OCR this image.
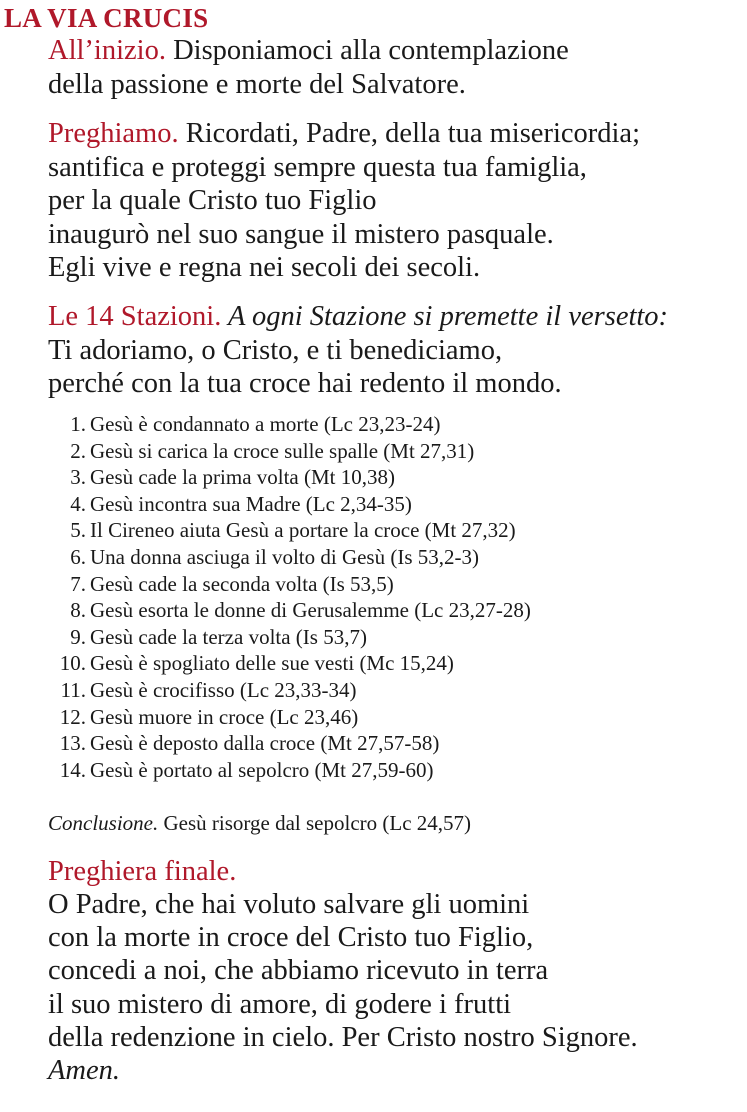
LA VIA CRUCIS
All’inizio. Disponiamoci alla contemplazione
della passione e morte del Salvatore.
Preghiamo. Ricordati, Padre, della tua misericordia;
santifica e proteggi sempre questa tua famiglia,
per la quale Cristo tuo Figlio
inaugurò nel suo sangue il mistero pasquale.
Egli vive e regna nei secoli dei secoli.
Le 14 Stazioni. A ogni Stazione si premette il versetto:
Ti adoriamo, o Cristo, e ti benediciamo,
perché con la tua croce hai redento il mondo.
1. Gesù è condannato a morte (Lc 23,23-24)
2. Gesù si carica la croce sulle spalle (Mt 27,31)
3. Gesù cade la prima volta (Mt 10,38)
4. Gesù incontra sua Madre (Lc 2,34-35)
5. Il Cireneo aiuta Gesù a portare la croce (Mt 27,32)
6. Una donna asciuga il volto di Gesù (Is 53,2-3)
7. Gesù cade la seconda volta (Is 53,5)
8. Gesù esorta le donne di Gerusalemme (Lc 23,27-28)
9. Gesù cade la terza volta (Is 53,7)
10. Gesù è spogliato delle sue vesti (Mc 15,24)
11. Gesù è crocifisso (Lc 23,33-34)
12. Gesù muore in croce (Lc 23,46)
13. Gesù è deposto dalla croce (Mt 27,57-58)
14. Gesù è portato al sepolcro (Mt 27,59-60)
Conclusione. Gesù risorge dal sepolcro (Lc 24,57)
Preghiera finale.
O Padre, che hai voluto salvare gli uomini
con la morte in croce del Cristo tuo Figlio,
concedi a noi, che abbiamo ricevuto in terra
il suo mistero di amore, di godere i frutti
della redenzione in cielo. Per Cristo nostro Signore.
Amen.
